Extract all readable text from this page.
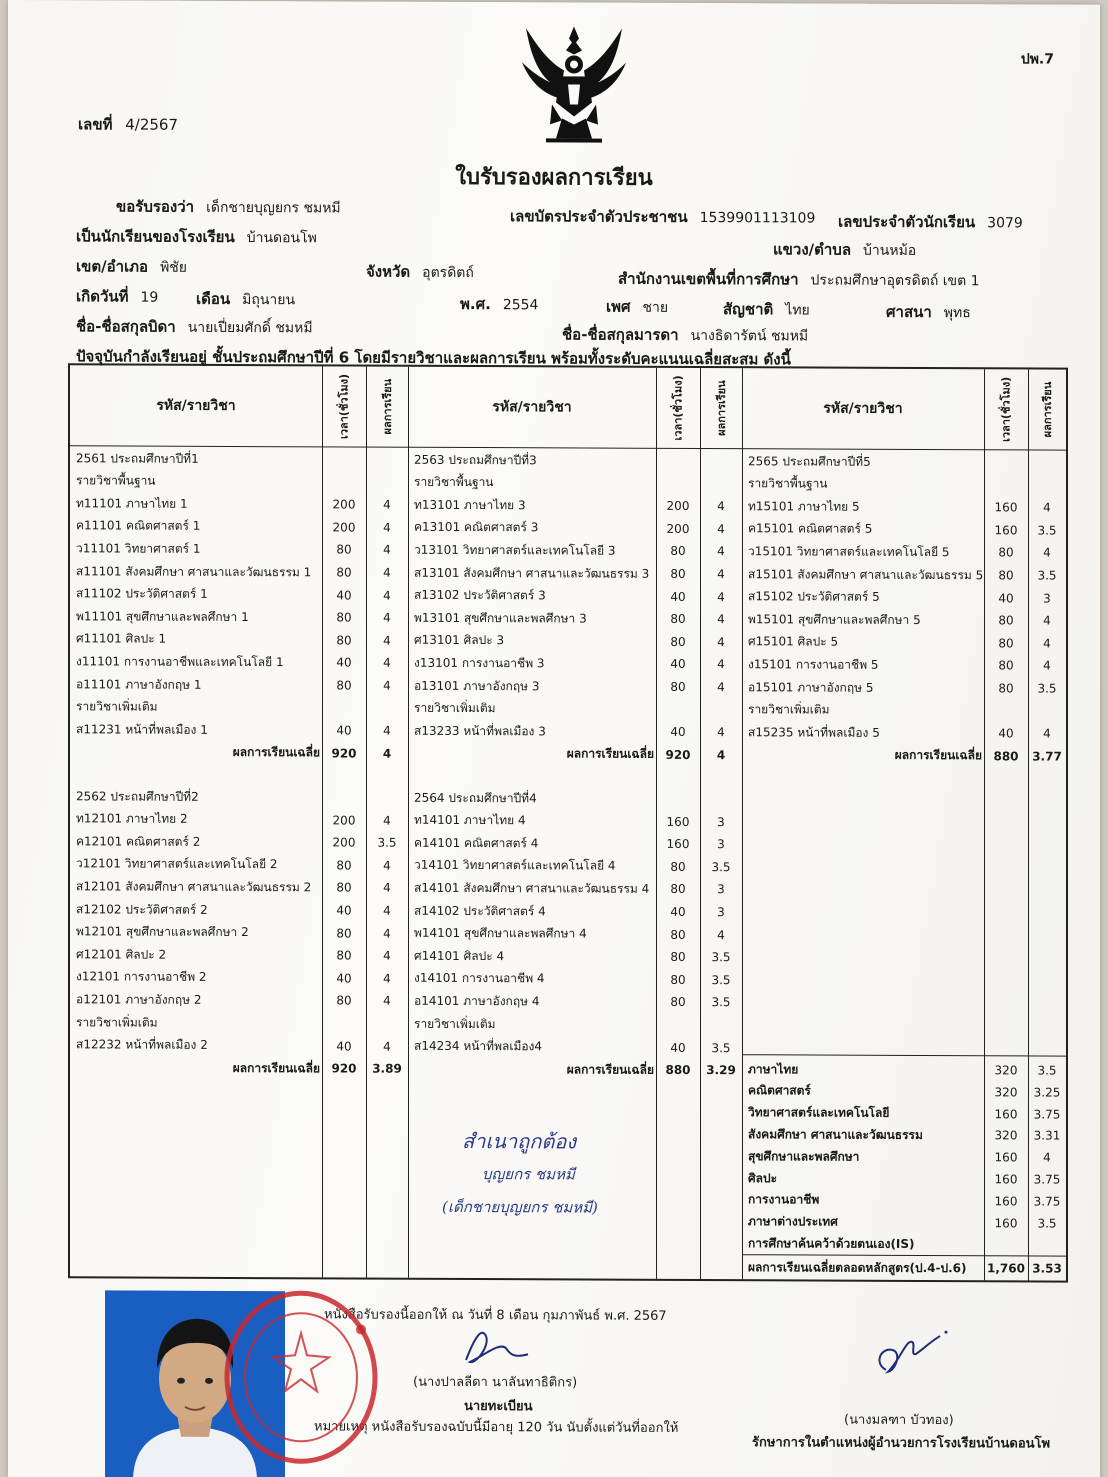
ปพ.7
เลขที่ 4/2567
ใบรับรองผลการเรียน
ขอรับรองว่า เด็กชายบุญยกร ชมหมี	เลขบัตรประจำตัวประชาชน 1539901113109 เลขประจำตัวนักเรียน 3079
เป็นนักเรียนของโรงเรียน บ้านดอนโพ
แขวง/ตำบล บ้านหม้อ
เขต/อำเภอ พิชัย	จังหวัด อุตรดิตถ์	สำนักงานเขตพื้นที่การศึกษา ประถมศึกษาอุตรดิตถ์ เขต 1
เกิดวันที่ 19	เดือน มิถุนายน	พ.ศ. 2554	เพศ ชาย	สัญชาติ ไทย	ศาสนา พุทธ
ชื่อ-ชื่อสกุลบิดา นายเปี่ยมศักดิ์ ชมหมี	ชื่อ-ชื่อสกุลมารดา นางธิดารัตน์ ชมหมี
ปัจจุบันกำลังเรียนอยู่ ชั้นประถมศึกษาปีที่ 6 โดยมีรายวิชาและผลการเรียน พร้อมทั้งระดับคะแนนเฉลี่ยสะสม ดังนี้
รหัส/รายวิชา	เวลา(ชั่วโมง)	ผลการเรียน	รหัส/รายวิชา	เวลา(ชั่วโมง)	ผลการเรียน	รหัส/รายวิชา	เวลา(ชั่วโมง)	ผลการเรียน
2561 ประถมศึกษาปีที่1
รายวิชาพื้นฐาน
ท11101 ภาษาไทย 1	200	4
ค11101 คณิตศาสตร์ 1	200	4
ว11101 วิทยาศาสตร์ 1	80	4
ส11101 สังคมศึกษา ศาสนาและวัฒนธรรม 1	80	4
ส11102 ประวัติศาสตร์ 1	40	4
พ11101 สุขศึกษาและพลศึกษา 1	80	4
ศ11101 ศิลปะ 1	80	4
ง11101 การงานอาชีพและเทคโนโลยี 1	40	4
อ11101 ภาษาอังกฤษ 1	80	4
รายวิชาเพิ่มเติม
ส11231 หน้าที่พลเมือง 1	40	4
ผลการเรียนเฉลี่ย 920	4
2562 ประถมศึกษาปีที่2
ท12101 ภาษาไทย 2	200	4
ค12101 คณิตศาสตร์ 2	200	3.5
ว12101 วิทยาศาสตร์และเทคโนโลยี 2	80	4
ส12101 สังคมศึกษา ศาสนาและวัฒนธรรม 2	80	4
ส12102 ประวัติศาสตร์ 2	40	4
พ12101 สุขศึกษาและพลศึกษา 2	80	4
ศ12101 ศิลปะ 2	80	4
ง12101 การงานอาชีพ 2	40	4
อ12101 ภาษาอังกฤษ 2	80	4
รายวิชาเพิ่มเติม
ส12232 หน้าที่พลเมือง 2	40	4
ผลการเรียนเฉลี่ย 920	3.89
2563 ประถมศึกษาปีที่3
รายวิชาพื้นฐาน
ท13101 ภาษาไทย 3	200	4
ค13101 คณิตศาสตร์ 3	200	4
ว13101 วิทยาศาสตร์และเทคโนโลยี 3	80	4
ส13101 สังคมศึกษา ศาสนาและวัฒนธรรม 3	80	4
ส13102 ประวัติศาสตร์ 3	40	4
พ13101 สุขศึกษาและพลศึกษา 3	80	4
ศ13101 ศิลปะ 3	80	4
ง13101 การงานอาชีพ 3	40	4
อ13101 ภาษาอังกฤษ 3	80	4
รายวิชาเพิ่มเติม
ส13233 หน้าที่พลเมือง 3	40	4
ผลการเรียนเฉลี่ย 920	4
2564 ประถมศึกษาปีที่4
ท14101 ภาษาไทย 4	160	3
ค14101 คณิตศาสตร์ 4	160	3
ว14101 วิทยาศาสตร์และเทคโนโลยี 4	80	3.5
ส14101 สังคมศึกษา ศาสนาและวัฒนธรรม 4	80	3
ส14102 ประวัติศาสตร์ 4	40	3
พ14101 สุขศึกษาและพลศึกษา 4	80	4
ศ14101 ศิลปะ 4	80	3.5
ง14101 การงานอาชีพ 4	80	3.5
อ14101 ภาษาอังกฤษ 4	80	3.5
รายวิชาเพิ่มเติม
ส14234 หน้าที่พลเมือง4	40	3.5
ผลการเรียนเฉลี่ย 880	3.29
2565 ประถมศึกษาปีที่5
รายวิชาพื้นฐาน
ท15101 ภาษาไทย 5	160	4
ค15101 คณิตศาสตร์ 5	160	3.5
ว15101 วิทยาศาสตร์และเทคโนโลยี 5	80	4
ส15101 สังคมศึกษา ศาสนาและวัฒนธรรม 5	80	3.5
ส15102 ประวัติศาสตร์ 5	40	3
พ15101 สุขศึกษาและพลศึกษา 5	80	4
ศ15101 ศิลปะ 5	80	4
ง15101 การงานอาชีพ 5	80	4
อ15101 ภาษาอังกฤษ 5	80	3.5
รายวิชาเพิ่มเติม
ส15235 หน้าที่พลเมือง 5	40	4
ผลการเรียนเฉลี่ย 880	3.77
ภาษาไทย	320	3.5
คณิตศาสตร์	320	3.25
วิทยาศาสตร์และเทคโนโลยี	160	3.75
สังคมศึกษา ศาสนาและวัฒนธรรม	320	3.31
สุขศึกษาและพลศึกษา	160	4
ศิลปะ	160	3.75
การงานอาชีพ	160	3.75
ภาษาต่างประเทศ	160	3.5
การศึกษาค้นคว้าด้วยตนเอง(IS)
ผลการเรียนเฉลี่ยตลอดหลักสูตร(ป.4-ป.6) 1,760 3.53
สำเนาถูกต้อง
บุญยกร ชมหมี
(เด็กชายบุญยกร ชมหมี)
หนังสือรับรองนี้ออกให้ ณ วันที่ 8 เดือน กุมภาพันธ์ พ.ศ. 2567
(นางปาลลีดา นาลันทาธิติกร)
นายทะเบียน
หมายเหตุ หนังสือรับรองฉบับนี้มีอายุ 120 วัน นับตั้งแต่วันที่ออกให้	(นางมลฑา บัวทอง)
รักษาการในตำแหน่งผู้อำนวยการโรงเรียนบ้านดอนโพ
